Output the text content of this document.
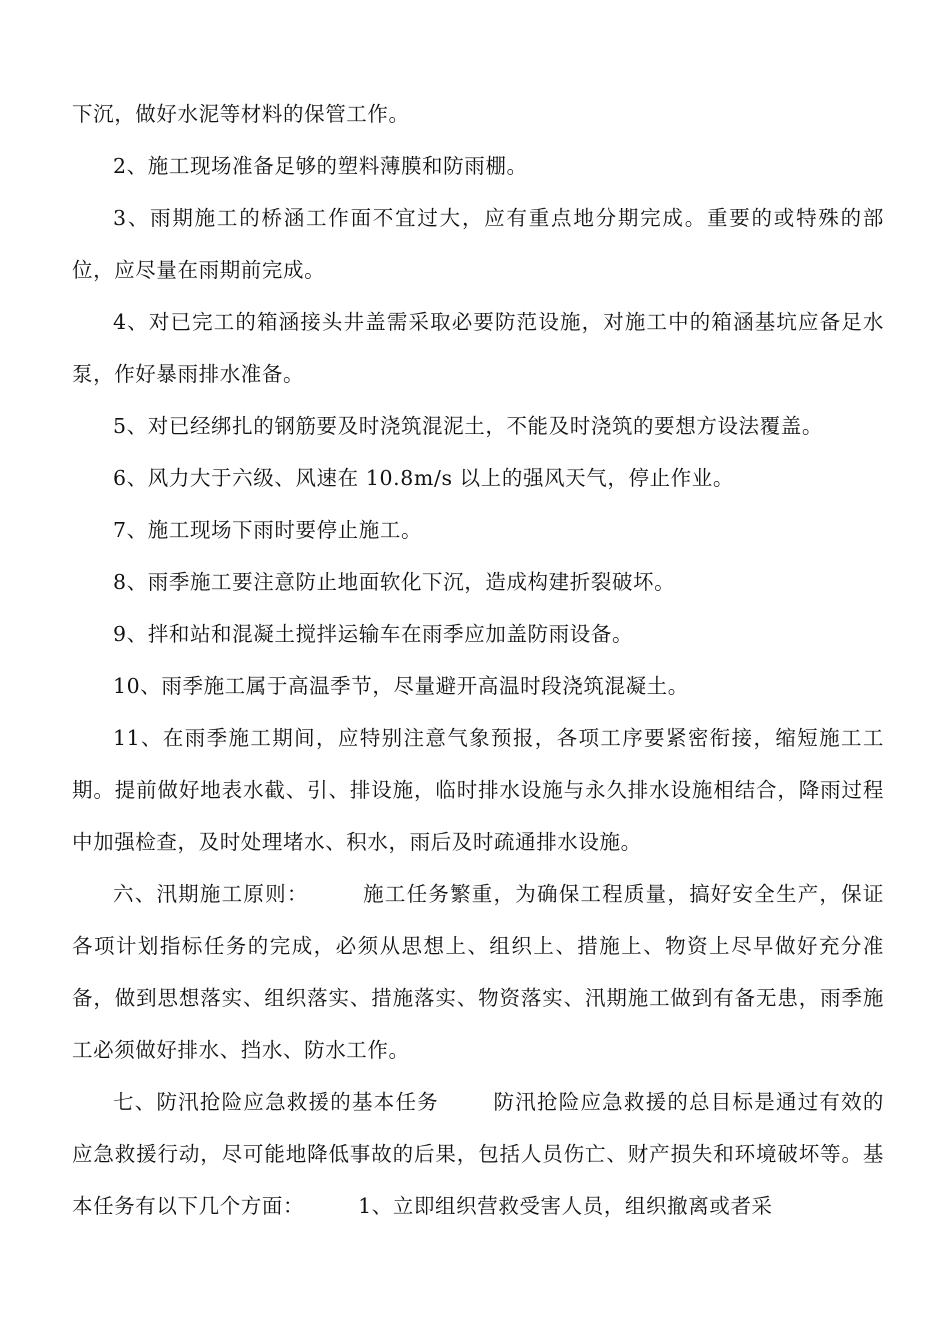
下沉，做好水泥等材料的保管工作。

2、施工现场准备足够的塑料薄膜和防雨棚。

3、雨期施工的桥涵工作面不宜过大，应有重点地分期完成。重要的或特殊的部位，应尽量在雨期前完成。

4、对已完工的箱涵接头井盖需采取必要防范设施，对施工中的箱涵基坑应备足水泵，作好暴雨排水准备。

5、对已经绑扎的钢筋要及时浇筑混泥土，不能及时浇筑的要想方设法覆盖。

6、风力大于六级、风速在 10.8m/s 以上的强风天气，停止作业。

7、施工现场下雨时要停止施工。

8、雨季施工要注意防止地面软化下沉，造成构建折裂破坏。

9、拌和站和混凝土搅拌运输车在雨季应加盖防雨设备。

10、雨季施工属于高温季节，尽量避开高温时段浇筑混凝土。

11、在雨季施工期间，应特别注意气象预报，各项工序要紧密衔接，缩短施工工期。提前做好地表水截、引、排设施，临时排水设施与永久排水设施相结合，降雨过程中加强检查，及时处理堵水、积水，雨后及时疏通排水设施。

六、汛期施工原则：	施工任务繁重，为确保工程质量，搞好安全生产，保证各项计划指标任务的完成，必须从思想上、组织上、措施上、物资上尽早做好充分准备，做到思想落实、组织落实、措施落实、物资落实、汛期施工做到有备无患，雨季施工必须做好排水、挡水、防水工作。

七、防汛抢险应急救援的基本任务	防汛抢险应急救援的总目标是通过有效的应急救援行动，尽可能地降低事故的后果，包括人员伤亡、财产损失和环境破坏等。基本任务有以下几个方面：	1、立即组织营救受害人员，组织撤离或者采
